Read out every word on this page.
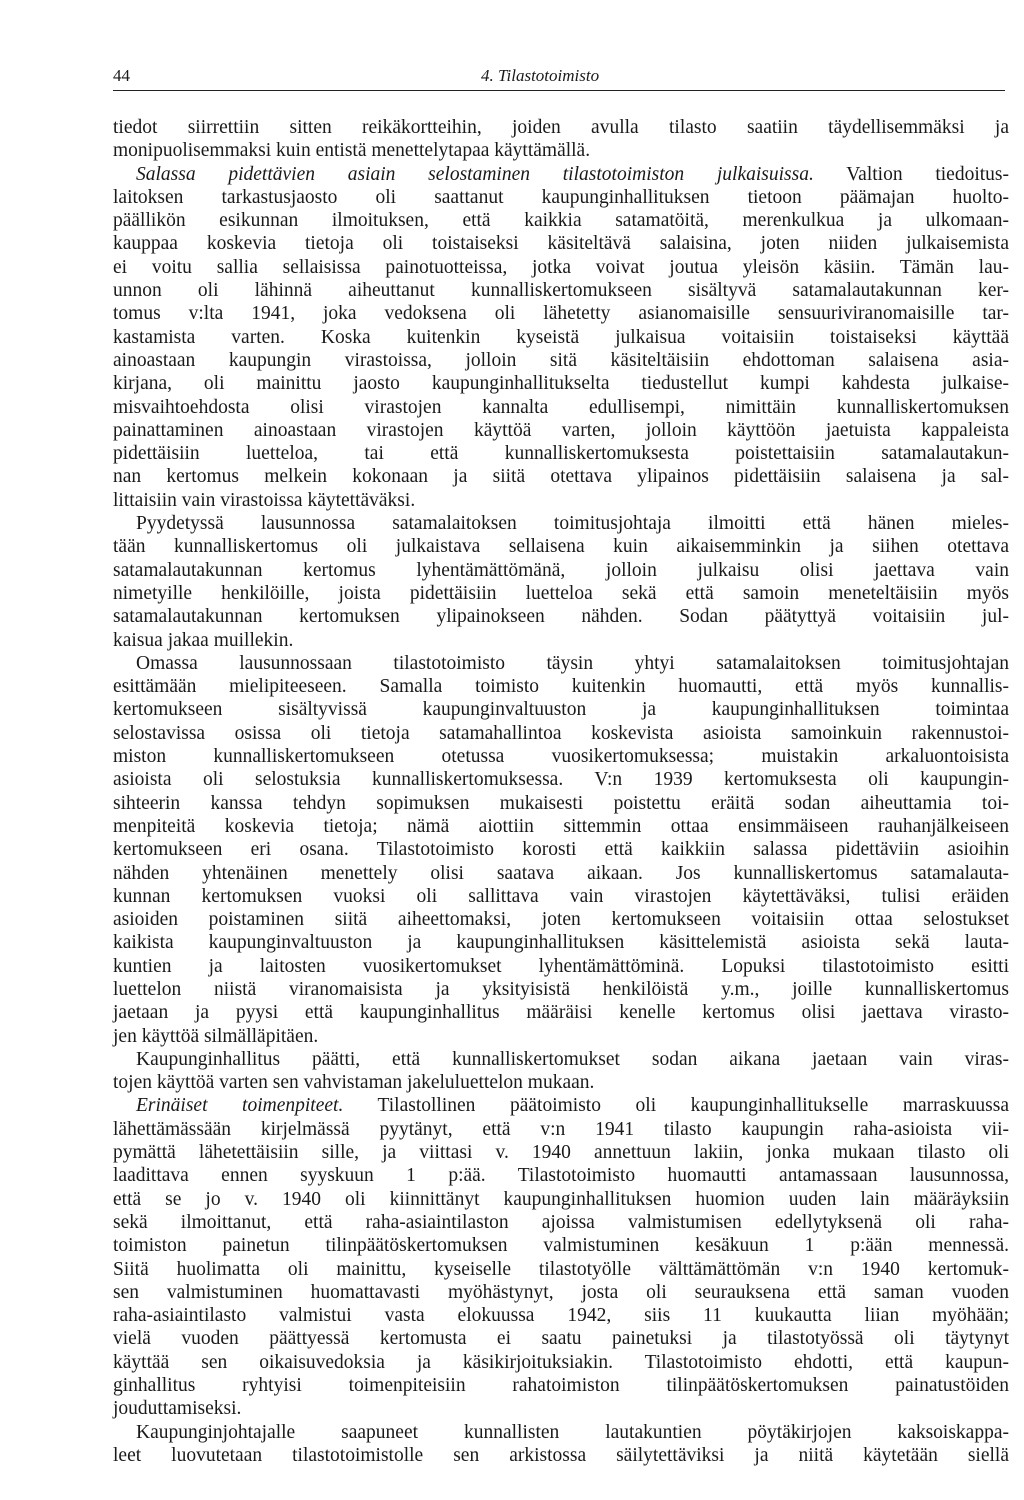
44	4. Tilastotoimisto
tiedot siirrettiin sitten reikäkortteihin, joiden avulla tilasto saatiin täydellisemmäksi ja
monipuolisemmaksi kuin entistä menettelytapaa käyttämällä.
Salassa pidettävien asiain selostaminen tilastotoimiston julkaisuissa. Valtion tiedoitus-
laitoksen tarkastusjaosto oli saattanut kaupunginhallituksen tietoon päämajan huolto-
päällikön esikunnan ilmoituksen, että kaikkia satamatöitä, merenkulkua ja ulkomaan-
kauppaa koskevia tietoja oli toistaiseksi käsiteltävä salaisina, joten niiden julkaisemista
ei voitu sallia sellaisissa painotuotteissa, jotka voivat joutua yleisön käsiin. Tämän lau-
unnon oli lähinnä aiheuttanut kunnalliskertomukseen sisältyvä satamalautakunnan ker-
tomus v:lta 1941, joka vedoksena oli lähetetty asianomaisille sensuuriviranomaisille tar-
kastamista varten. Koska kuitenkin kyseistä julkaisua voitaisiin toistaiseksi käyttää
ainoastaan kaupungin virastoissa, jolloin sitä käsiteltäisiin ehdottoman salaisena asia-
kirjana, oli mainittu jaosto kaupunginhallitukselta tiedustellut kumpi kahdesta julkaise-
misvaihtoehdosta olisi virastojen kannalta edullisempi, nimittäin kunnalliskertomuksen
painattaminen ainoastaan virastojen käyttöä varten, jolloin käyttöön jaetuista kappaleista
pidettäisiin luetteloa, tai että kunnalliskertomuksesta poistettaisiin satamalautakun-
nan kertomus melkein kokonaan ja siitä otettava ylipainos pidettäisiin salaisena ja sal-
littaisiin vain virastoissa käytettäväksi.
Pyydetyssä lausunnossa satamalaitoksen toimitusjohtaja ilmoitti että hänen mieles-
tään kunnalliskertomus oli julkaistava sellaisena kuin aikaisemminkin ja siihen otettava
satamalautakunnan kertomus lyhentämättömänä, jolloin julkaisu olisi jaettava vain
nimetyille henkilöille, joista pidettäisiin luetteloa sekä että samoin meneteltäisiin myös
satamalautakunnan kertomuksen ylipainokseen nähden. Sodan päätyttyä voitaisiin jul-
kaisua jakaa muillekin.
Omassa lausunnossaan tilastotoimisto täysin yhtyi satamalaitoksen toimitusjohtajan
esittämään mielipiteeseen. Samalla toimisto kuitenkin huomautti, että myös kunnallis-
kertomukseen sisältyvissä kaupunginvaltuuston ja kaupunginhallituksen toimintaa
selostavissa osissa oli tietoja satamahallintoa koskevista asioista samoinkuin rakennustoi-
miston kunnalliskertomukseen otetussa vuosikertomuksessa; muistakin arkaluontoisista
asioista oli selostuksia kunnalliskertomuksessa. V:n 1939 kertomuksesta oli kaupungin-
sihteerin kanssa tehdyn sopimuksen mukaisesti poistettu eräitä sodan aiheuttamia toi-
menpiteitä koskevia tietoja; nämä aiottiin sittemmin ottaa ensimmäiseen rauhanjälkeiseen
kertomukseen eri osana. Tilastotoimisto korosti että kaikkiin salassa pidettäviin asioihin
nähden yhtenäinen menettely olisi saatava aikaan. Jos kunnalliskertomus satamalauta-
kunnan kertomuksen vuoksi oli sallittava vain virastojen käytettäväksi, tulisi eräiden
asioiden poistaminen siitä aiheettomaksi, joten kertomukseen voitaisiin ottaa selostukset
kaikista kaupunginvaltuuston ja kaupunginhallituksen käsittelemistä asioista sekä lauta-
kuntien ja laitosten vuosikertomukset lyhentämättöminä. Lopuksi tilastotoimisto esitti
luettelon niistä viranomaisista ja yksityisistä henkilöistä y.m., joille kunnalliskertomus
jaetaan ja pyysi että kaupunginhallitus määräisi kenelle kertomus olisi jaettava virasto-
jen käyttöä silmälläpitäen.
Kaupunginhallitus päätti, että kunnalliskertomukset sodan aikana jaetaan vain viras-
tojen käyttöä varten sen vahvistaman jakeluluettelon mukaan.
Erinäiset toimenpiteet. Tilastollinen päätoimisto oli kaupunginhallitukselle marraskuussa
lähettämässään kirjelmässä pyytänyt, että v:n 1941 tilasto kaupungin raha-asioista vii-
pymättä lähetettäisiin sille, ja viittasi v. 1940 annettuun lakiin, jonka mukaan tilasto oli
laadittava ennen syyskuun 1 p:ää. Tilastotoimisto huomautti antamassaan lausunnossa,
että se jo v. 1940 oli kiinnittänyt kaupunginhallituksen huomion uuden lain määräyksiin
sekä ilmoittanut, että raha-asiaintilaston ajoissa valmistumisen edellytyksenä oli raha-
toimiston painetun tilinpäätöskertomuksen valmistuminen kesäkuun 1 p:ään mennessä.
Siitä huolimatta oli mainittu, kyseiselle tilastotyölle välttämättömän v:n 1940 kertomuk-
sen valmistuminen huomattavasti myöhästynyt, josta oli seurauksena että saman vuoden
raha-asiaintilasto valmistui vasta elokuussa 1942, siis 11 kuukautta liian myöhään;
vielä vuoden päättyessä kertomusta ei saatu painetuksi ja tilastotyössä oli täytynyt
käyttää sen oikaisuvedoksia ja käsikirjoituksiakin. Tilastotoimisto ehdotti, että kaupun-
ginhallitus ryhtyisi toimenpiteisiin rahatoimiston tilinpäätöskertomuksen painatustöiden
jouduttamiseksi.
Kaupunginjohtajalle saapuneet kunnallisten lautakuntien pöytäkirjojen kaksoiskappa-
leet luovutetaan tilastotoimistolle sen arkistossa säilytettäviksi ja niitä käytetään siellä
